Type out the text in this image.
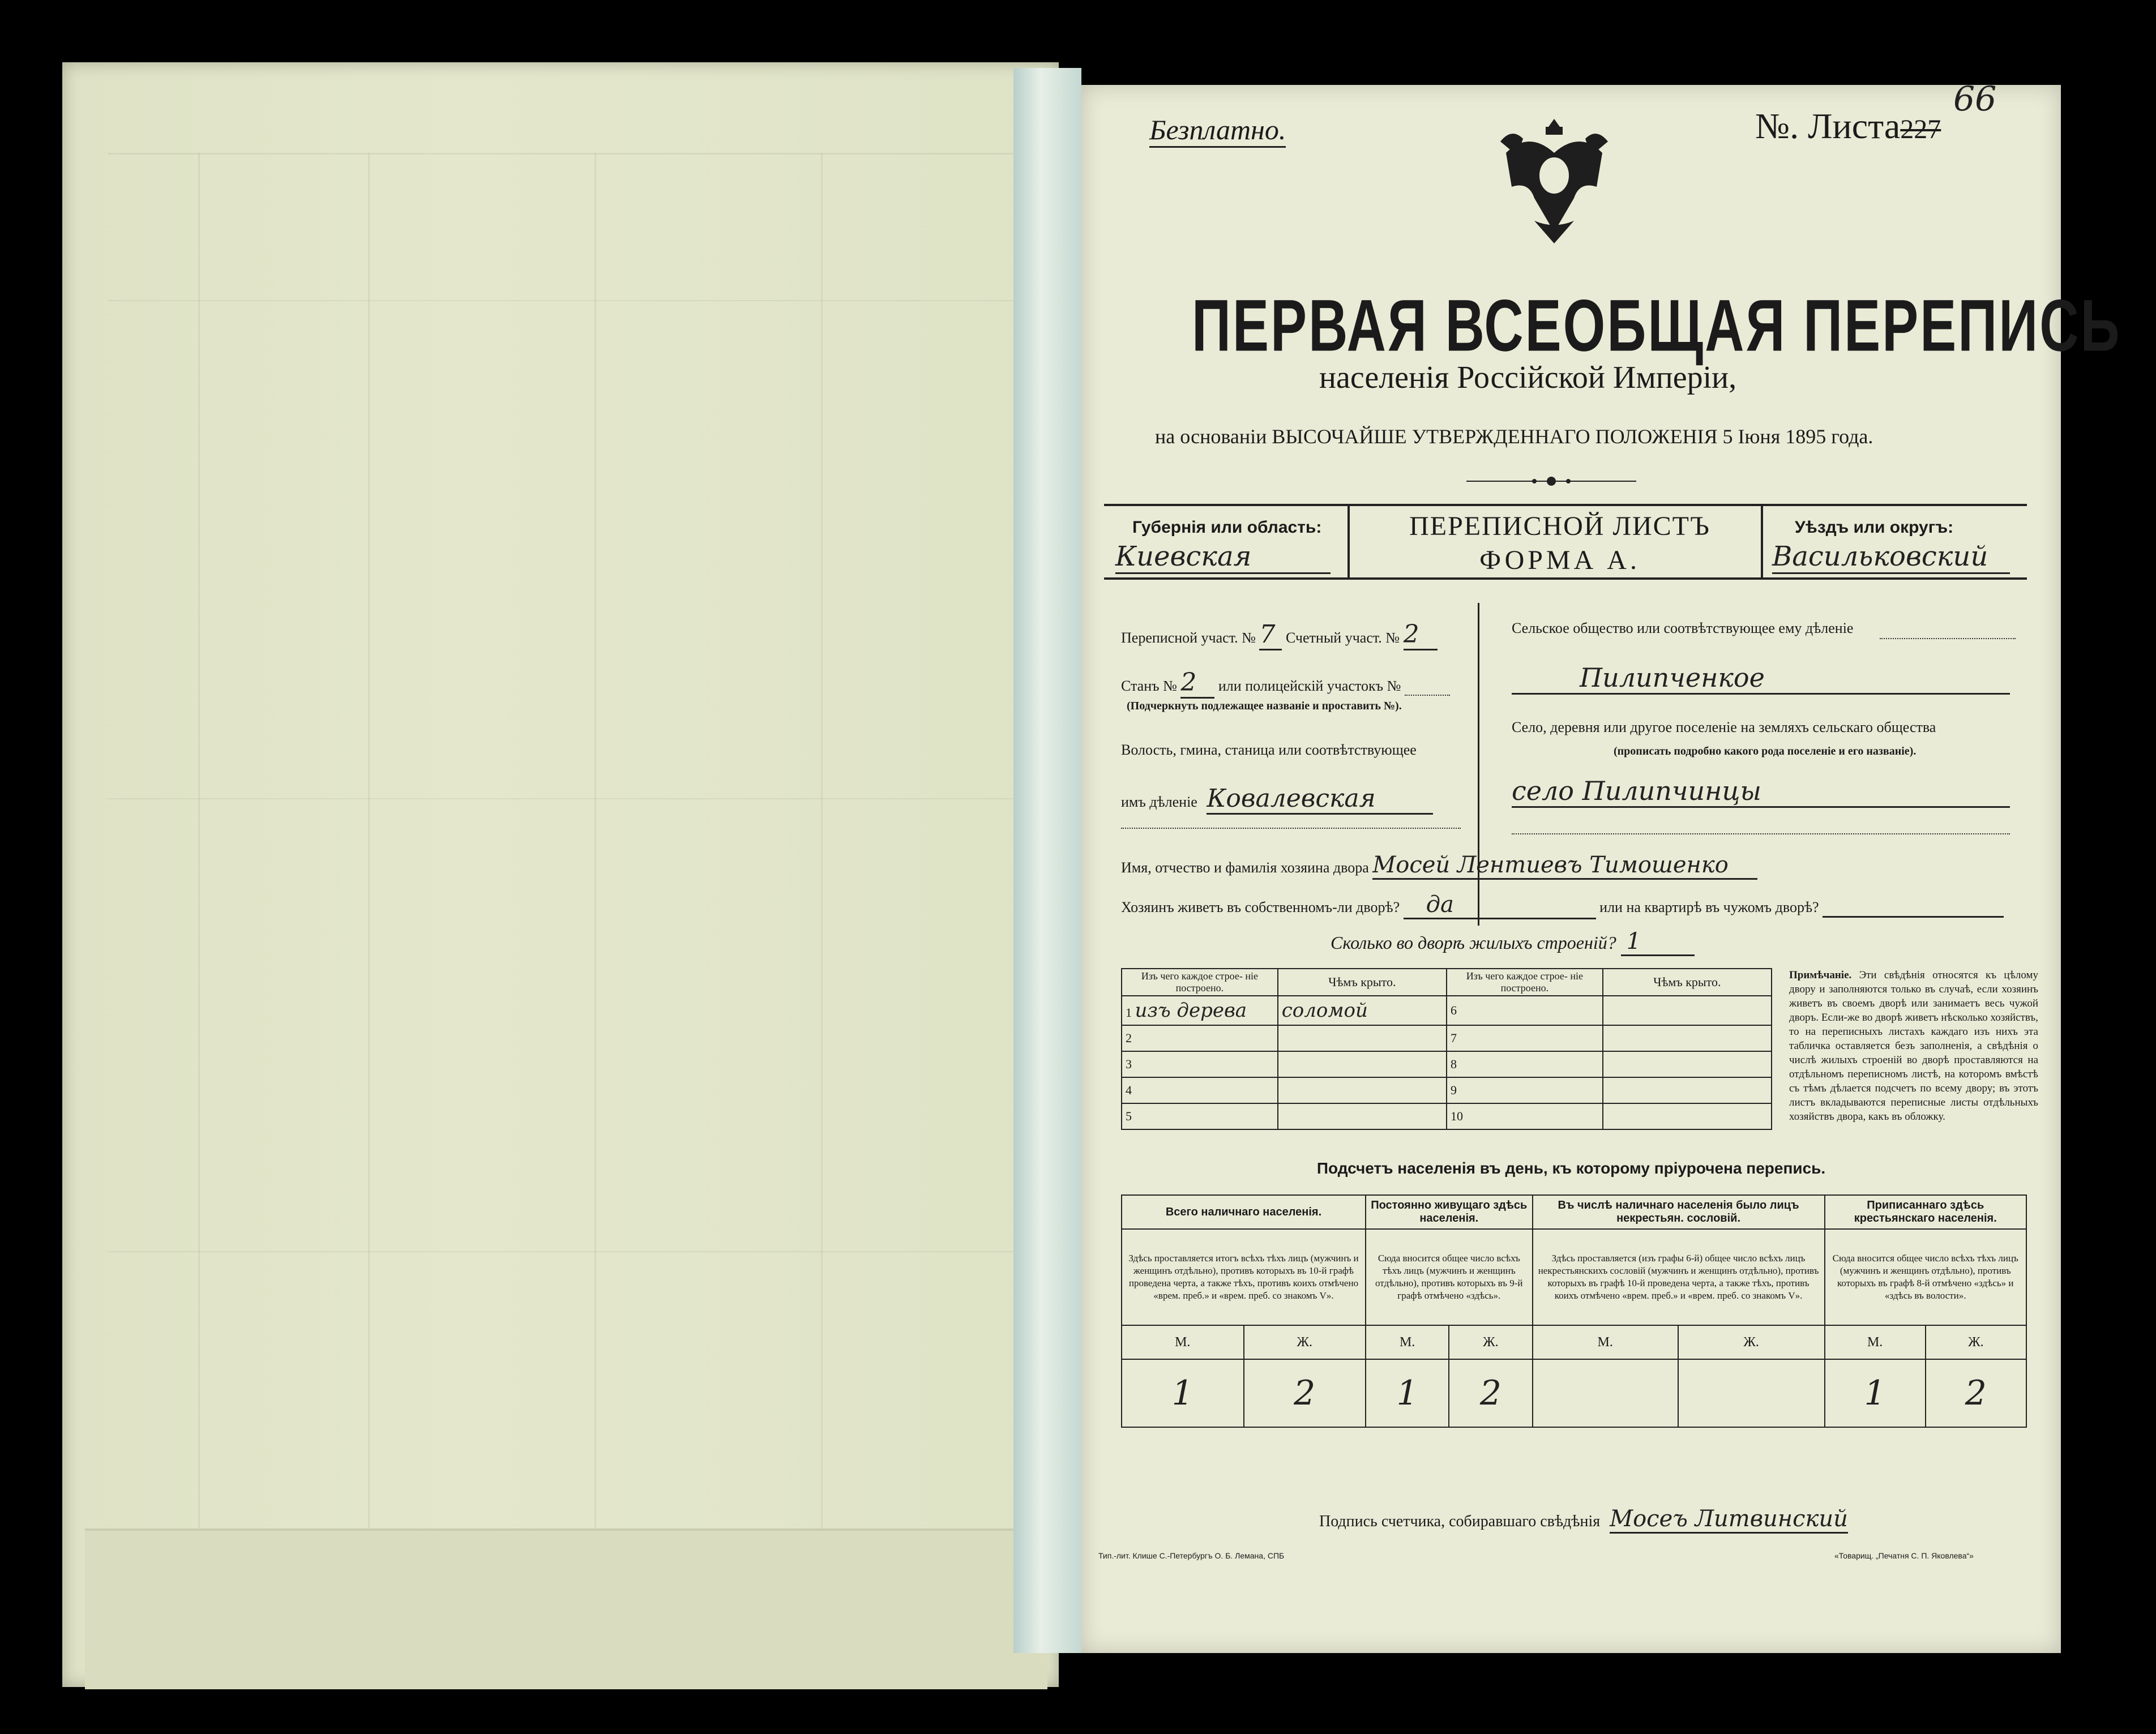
Безплатно.	№. Листа227
66
ПЕРВАЯ ВСЕОБЩАЯ ПЕРЕПИСЬ
населенія Россійской Имперіи,
на основаніи ВЫСОЧАЙШЕ УТВЕРЖДЕННАГО ПОЛОЖЕНІЯ 5 Іюня 1895 года.
Губернія или область:
Киевская
ПЕРЕПИСНОЙ ЛИСТЪ
ФОРМА А.
Уѣздъ или округъ:
Васильковский
Переписной участ. № 7 Счетный участ. № 2
Станъ № 2 или полицейскій участокъ №
(Подчеркнуть подлежащее названіе и проставить №).
Волость, гмина, станица или соотвѣтствующее
имъ дѣленіе Ковалевская
Сельское общество или соотвѣтствующее ему дѣленіе
Пилипченкое
Село, деревня или другое поселеніе на земляхъ сельскаго общества
(прописать подробно какого рода поселеніе и его названіе).
село Пилипчинцы
Имя, отчество и фамилія хозяина двора Мосей Лентиевъ Тимошенко
Хозяинъ живетъ въ собственномъ-ли дворѣ? да	или на квартирѣ въ чужомъ дворѣ?
Сколько во дворѣ жилыхъ строеній? 1
Изъ чего каждое строе- ніе построено.	Чѣмъ крыто.	Изъ чего каждое строе- ніе построено.	Чѣмъ крыто.
1 изъ дерева	соломой	6	
2		7	
3		8	
4		9	
5		10	
Примѣчаніе. Эти свѣдѣнія относятся къ цѣлому двору и заполняются только въ случаѣ, если хозяинъ живетъ въ своемъ дворѣ или занимаетъ весь чужой дворъ. Если-же во дворѣ живетъ нѣсколько хозяйствъ, то на переписныхъ листахъ каждаго изъ нихъ эта табличка оставляется безъ заполненія, а свѣдѣнія о числѣ жилыхъ строеній во дворѣ проставляются на отдѣльномъ переписномъ листѣ, на которомъ вмѣстѣ съ тѣмъ дѣлается подсчетъ по всему двору; въ этотъ листъ вкладываются переписные листы отдѣльныхъ хозяйствъ двора, какъ въ обложку.
Подсчетъ населенія въ день, къ которому пріурочена перепись.
Всего наличнаго населенія.		Постоянно живущаго здѣсь населенія.		Въ числѣ наличнаго населенія было лицъ некрестьян. сословій.		Приписаннаго здѣсь крестьянскаго населенія.	
Здѣсь проставляется итогъ всѣхъ тѣхъ лицъ (мужчинъ и женщинъ отдѣльно), противъ которыхъ въ 10-й графѣ проведена черта, а также тѣхъ, противъ коихъ отмѣчено «врем. преб.» и «врем. преб. со знакомъ V».		Сюда вносится общее число всѣхъ тѣхъ лицъ (мужчинъ и женщинъ отдѣльно), противъ которыхъ въ 9-й графѣ отмѣчено «здѣсь».		Здѣсь проставляется (изъ графы 6-й) общее число всѣхъ лицъ некрестьянскихъ сословій (мужчинъ и женщинъ отдѣльно), противъ которыхъ въ графѣ 10-й проведена черта, а также тѣхъ, противъ коихъ отмѣчено «врем. преб.» и «врем. преб. со знакомъ V».		Сюда вносится общее число всѣхъ тѣхъ лицъ (мужчинъ и женщинъ отдѣльно), противъ которыхъ въ графѣ 8-й отмѣчено «здѣсь» и «здѣсь въ волости».	
М.	Ж.	М.	Ж.	М.	Ж.	М.	Ж.
1	2	1	2			1	2
Подпись счетчика, собиравшаго свѣдѣнія Мосеъ Литвинский
Тип.-лит. Клише С.-Петербургъ О. Б. Лемана, СПБ	«Товарищ. „Печатня С. П. Яковлева“»
